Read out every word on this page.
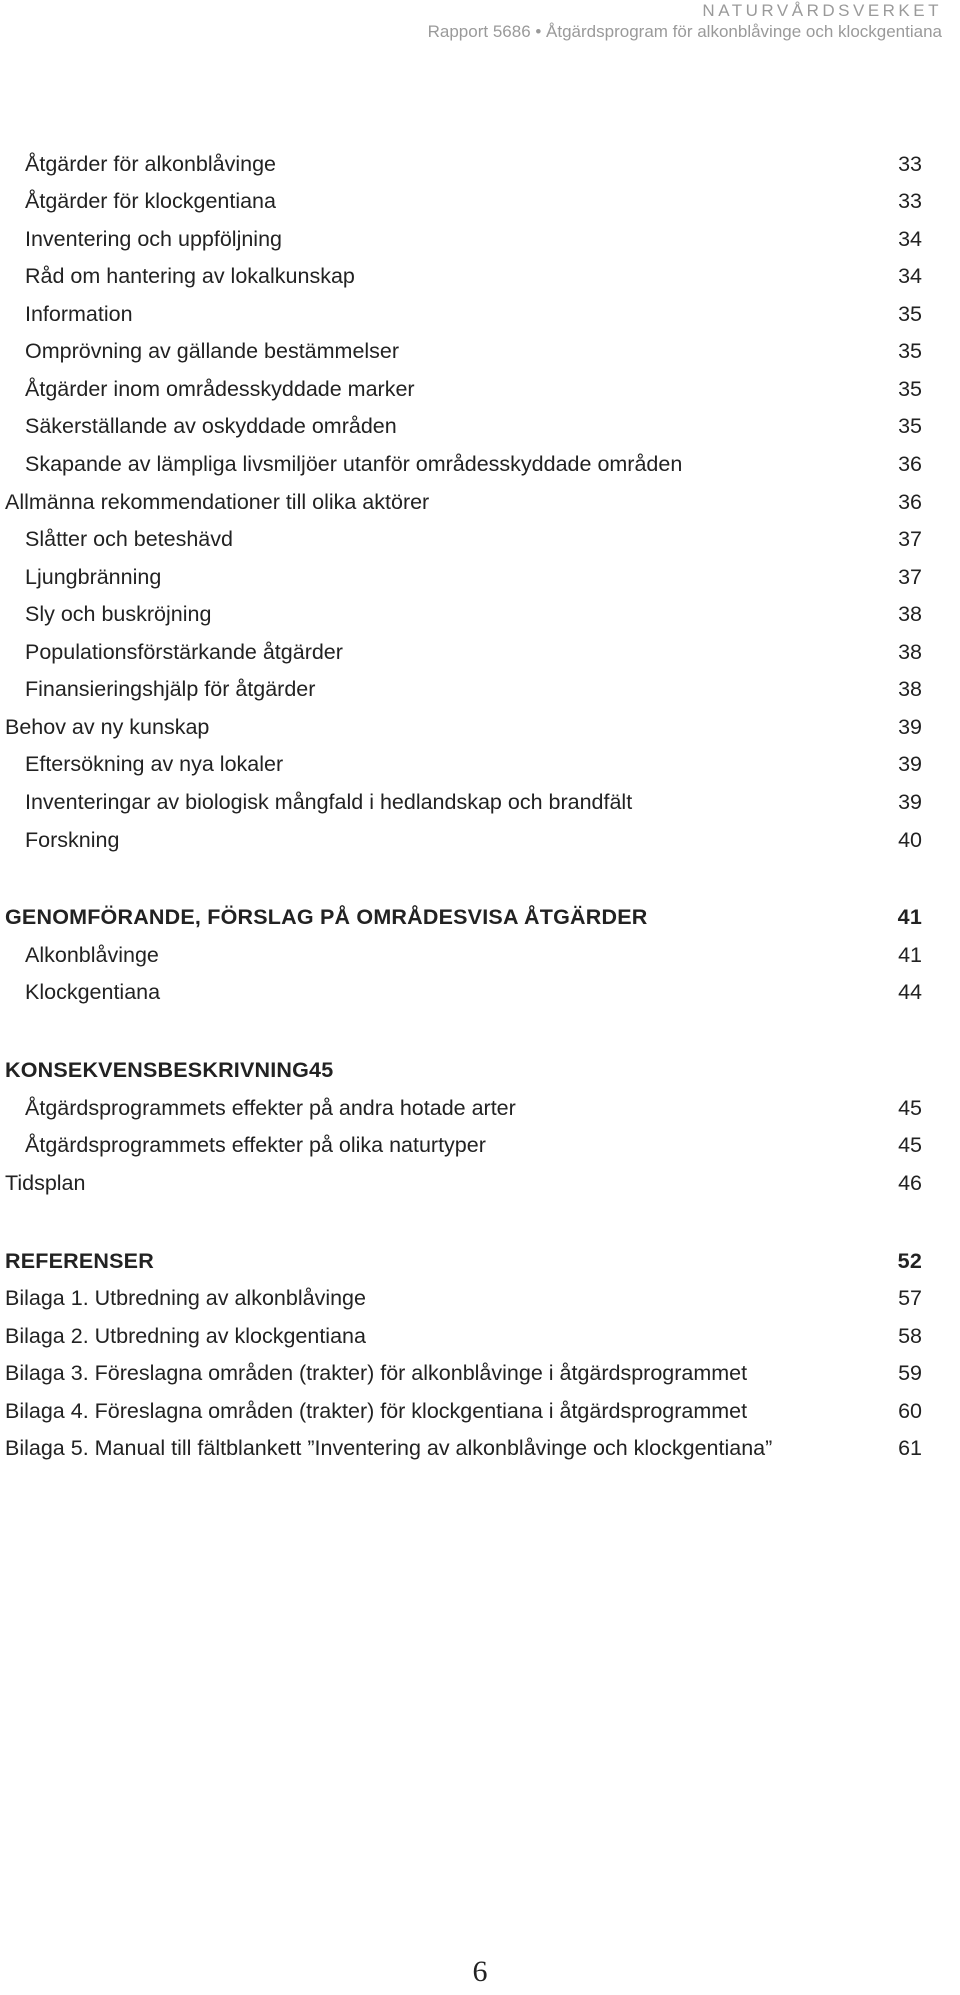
NATURVÅRDSVERKET
Rapport 5686 • Åtgärdsprogram för alkonblåvinge och klockgentiana
Åtgärder för alkonblåvinge	33
Åtgärder för klockgentiana	33
Inventering och uppföljning	34
Råd om hantering av lokalkunskap	34
Information	35
Omprövning av gällande bestämmelser	35
Åtgärder inom områdesskyddade marker	35
Säkerställande av oskyddade områden	35
Skapande av lämpliga livsmiljöer utanför områdesskyddade områden	36
Allmänna rekommendationer till olika aktörer	36
Slåtter och beteshävd	37
Ljungbränning	37
Sly och buskröjning	38
Populationsförstärkande åtgärder	38
Finansieringshjälp för åtgärder	38
Behov av ny kunskap	39
Eftersökning av nya lokaler	39
Inventeringar av biologisk mångfald i hedlandskap och brandfält	39
Forskning	40
GENOMFÖRANDE, FÖRSLAG PÅ OMRÅDESVISA ÅTGÄRDER	41
Alkonblåvinge	41
Klockgentiana	44
KONSEKVENSBESKRIVNING45
Åtgärdsprogrammets effekter på andra hotade arter	45
Åtgärdsprogrammets effekter på olika naturtyper	45
Tidsplan	46
REFERENSER	52
Bilaga 1. Utbredning av alkonblåvinge	57
Bilaga 2. Utbredning av klockgentiana	58
Bilaga 3. Föreslagna områden (trakter) för alkonblåvinge i åtgärdsprogrammet	59
Bilaga 4. Föreslagna områden (trakter) för klockgentiana i åtgärdsprogrammet	60
Bilaga 5. Manual till fältblankett ”Inventering av alkonblåvinge och klockgentiana”	61
6
